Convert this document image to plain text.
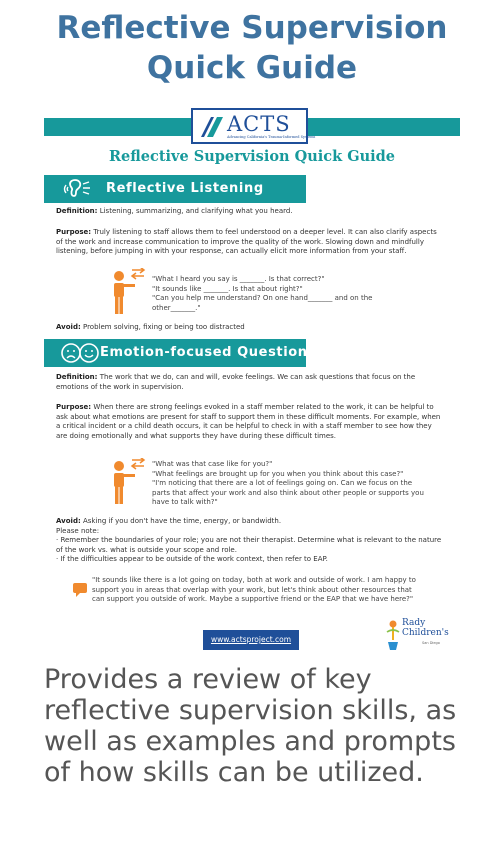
Reflective Supervision
Quick Guide
ACTS
Advancing California's Trauma-Informed Systems
Reflective Supervision Quick Guide
Reflective Listening
Definition: Listening, summarizing, and clarifying what you heard.
Purpose: Truly listening to staff allows them to feel understood on a deeper level. It can also clarify aspects of the work and increase communication to improve the quality of the work. Slowing down and mindfully listening, before jumping in with your response, can actually elicit more information from your staff.
"What I heard you say is _______. Is that correct?"
"It sounds like _______. Is that about right?"
"Can you help me understand? On one hand_______ and on the
other_______."
Avoid: Problem solving, fixing or being too distracted
Emotion-focused Questions
Definition: The work that we do, can and will, evoke feelings. We can ask questions that focus on the emotions of the work in supervision.
Purpose: When there are strong feelings evoked in a staff member related to the work, it can be helpful to ask about what emotions are present for staff to support them in these difficult moments. For example, when a critical incident or a child death occurs, it can be helpful to check in with a staff member to see how they are doing emotionally and what supports they have during these difficult times.
"What was that case like for you?"
"What feelings are brought up for you when you think about this case?"
"I'm noticing that there are a lot of feelings going on. Can we focus on the
parts that affect your work and also think about other people or supports you
have to talk with?"
Avoid: Asking if you don't have the time, energy, or bandwidth.
Please note:
· Remember the boundaries of your role; you are not their therapist. Determine what is relevant to the nature of the work vs. what is outside your scope and role.
· If the difficulties appear to be outside of the work context, then refer to EAP.
"It sounds like there is a lot going on today, both at work and outside of work. I am happy to
support you in areas that overlap with your work, but let's think about other resources that
can support you outside of work. Maybe a supportive friend or the EAP that we have here?"
www.actsproject.com
Rady
Children's
San Diego
Provides a review of key reflective supervision skills, as well as examples and prompts of how skills can be utilized.
